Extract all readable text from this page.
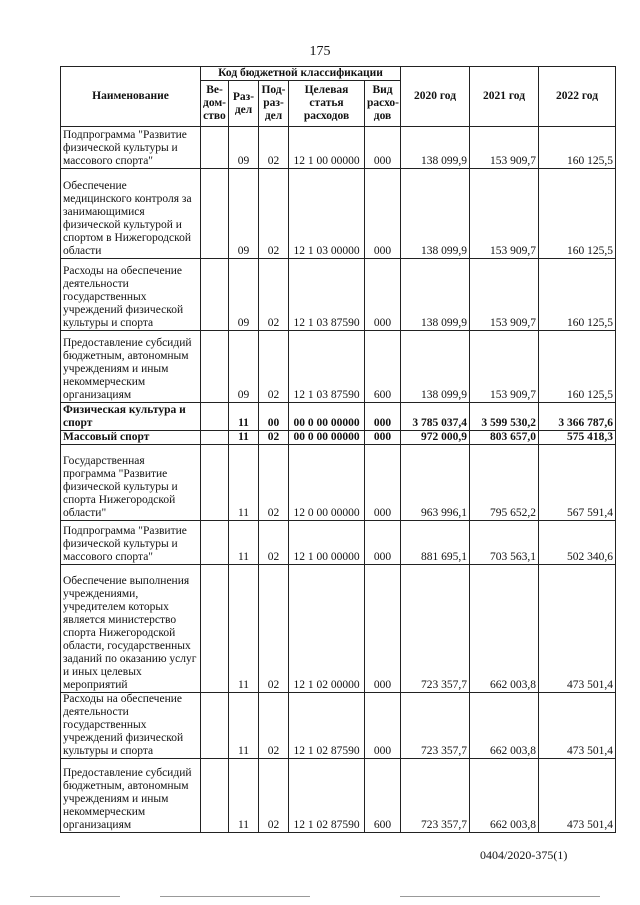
175
Наименование	Код бюджетной классификации					2020 год	2021 год	2022 год
	Ве-дом-ство	Раз-дел	Под-раз-дел	Целевая статья расходов	Вид расхо-дов			
Подпрограмма "Развитие физической культуры и массового спорта"		09	02	12 1 00 00000	000	138 099,9	153 909,7	160 125,5
Обеспечение медицинского контроля за занимающимися физической культурой и спортом в Нижегородской области		09	02	12 1 03 00000	000	138 099,9	153 909,7	160 125,5
Расходы на обеспечение деятельности государственных учреждений физической культуры и спорта		09	02	12 1 03 87590	000	138 099,9	153 909,7	160 125,5
Предоставление субсидий бюджетным, автономным учреждениям и иным некоммерческим организациям		09	02	12 1 03 87590	600	138 099,9	153 909,7	160 125,5
Физическая культура и спорт		11	00	00 0 00 00000	000	3 785 037,4	3 599 530,2	3 366 787,6
Массовый спорт		11	02	00 0 00 00000	000	972 000,9	803 657,0	575 418,3
Государственная программа "Развитие физической культуры и спорта Нижегородской области"		11	02	12 0 00 00000	000	963 996,1	795 652,2	567 591,4
Подпрограмма "Развитие физической культуры и массового спорта"		11	02	12 1 00 00000	000	881 695,1	703 563,1	502 340,6
Обеспечение выполнения учреждениями, учредителем которых является министерство спорта Нижегородской области, государственных заданий по оказанию услуг и иных целевых мероприятий		11	02	12 1 02 00000	000	723 357,7	662 003,8	473 501,4
Расходы на обеспечение деятельности государственных учреждений физической культуры и спорта		11	02	12 1 02 87590	000	723 357,7	662 003,8	473 501,4
Предоставление субсидий бюджетным, автономным учреждениям и иным некоммерческим организациям		11	02	12 1 02 87590	600	723 357,7	662 003,8	473 501,4
0404/2020-375(1)
